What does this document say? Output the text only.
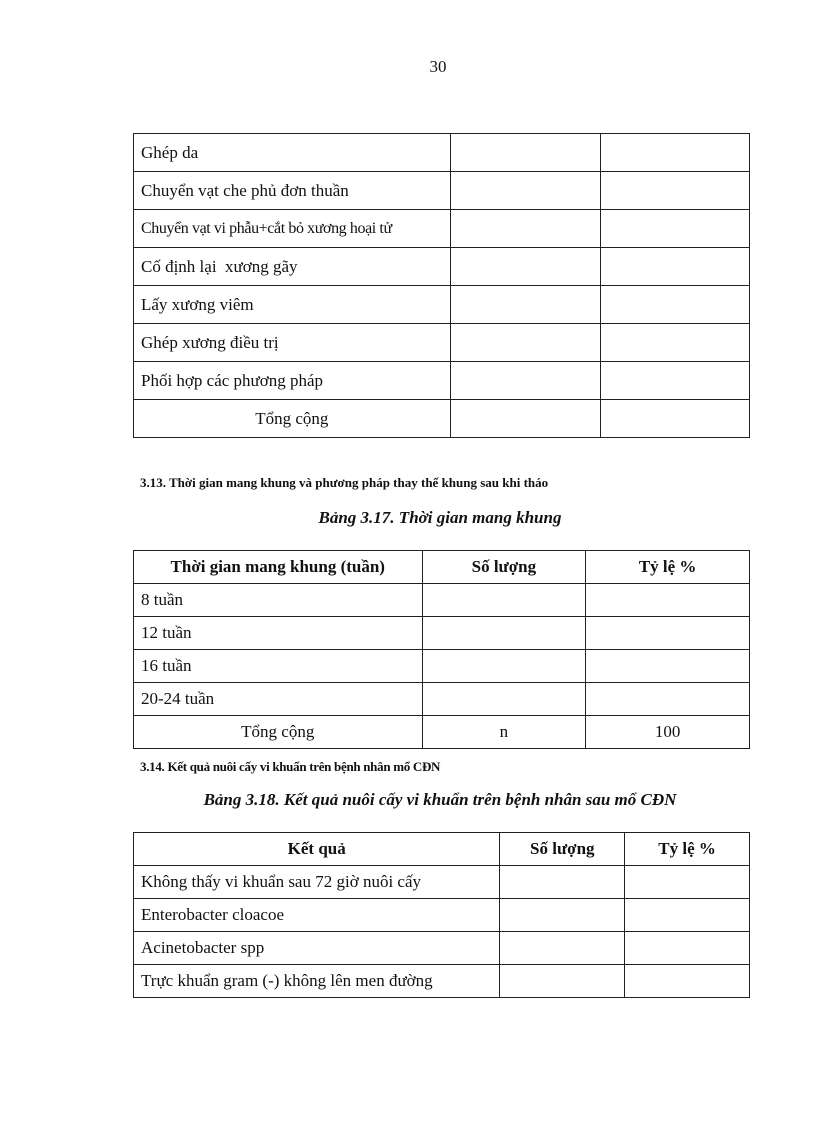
30
Ghép da		
Chuyển vạt che phủ đơn thuần		
Chuyển vạt vi phẫu+cắt bỏ xương hoại tử		
Cố định lại  xương gãy		
Lấy xương viêm		
Ghép xương điều trị		
Phối hợp các phương pháp		
Tổng cộng		
3.13. Thời gian mang khung và phương pháp thay thế khung sau khi tháo
Bảng 3.17. Thời gian mang khung
Thời gian mang khung (tuần)	Số lượng	Tỷ lệ %
8 tuần		
12 tuần		
16 tuần		
20-24 tuần		
Tổng cộng	n	100
3.14. Kết quả nuôi cấy vi khuẩn trên bệnh nhân mổ CĐN
Bảng 3.18. Kết quả nuôi cấy vi khuẩn trên bệnh nhân sau mổ CĐN
Kết quả	Số lượng	Tỷ lệ %
Không thấy vi khuẩn sau 72 giờ nuôi cấy		
Enterobacter cloacoe		
Acinetobacter spp		
Trực khuẩn gram (-) không lên men đường		
